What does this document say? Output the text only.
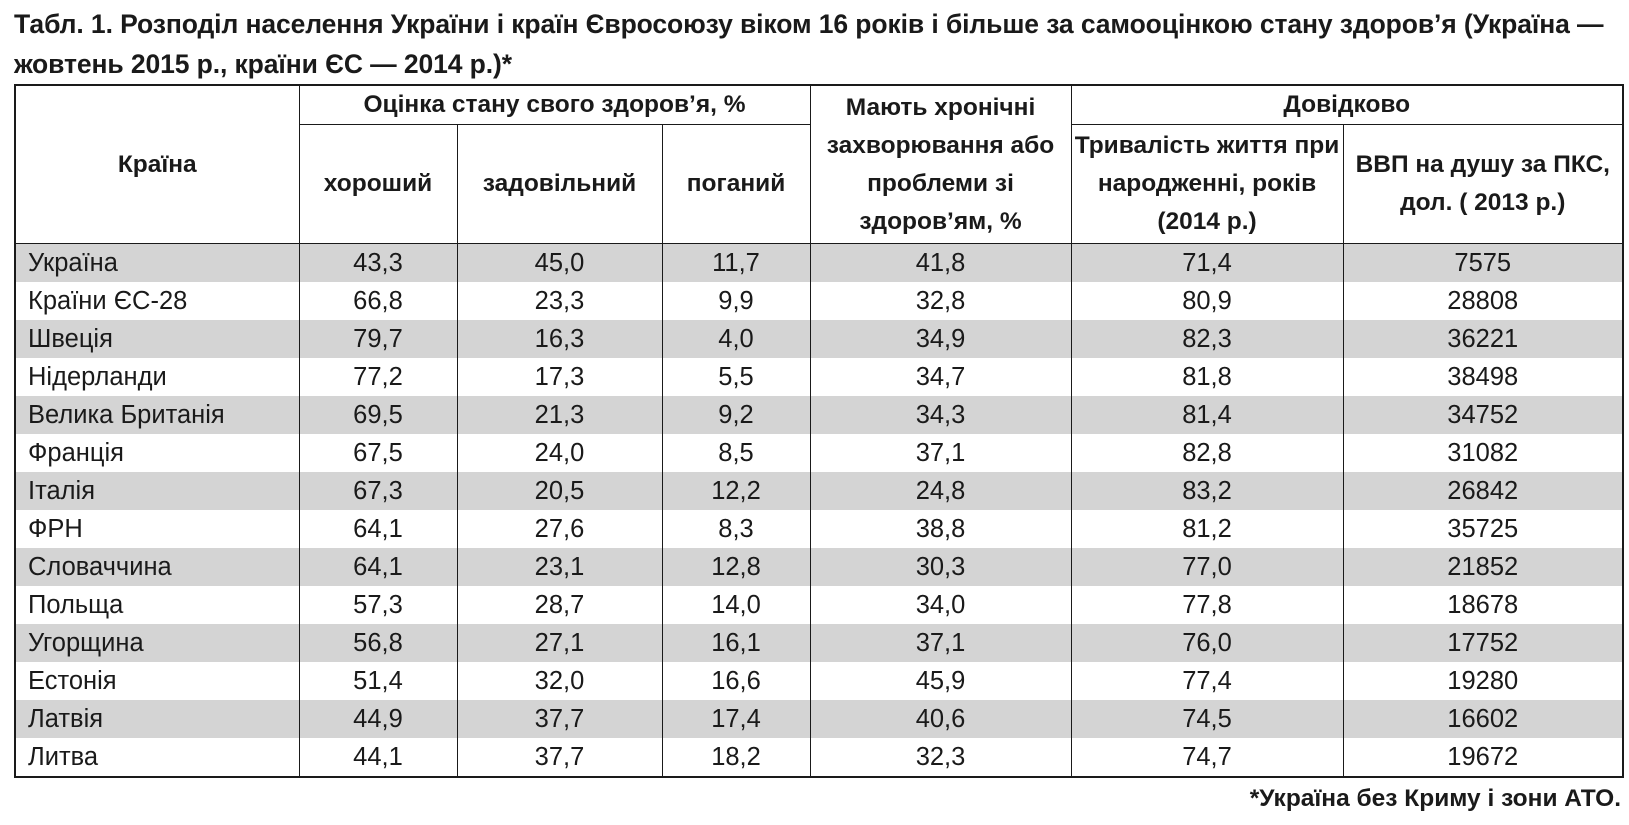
Табл. 1. Розподіл населення України і країн Євросоюзу віком 16 років і більше за самооцінкою стану здоров’я (Україна — жовтень 2015 р., країни ЄС — 2014 р.)*
Країна	Оцінка стану свого здоров’я, %			Мають хронічні захворювання або проблеми зі здоров’ям, %	Довідково	
	хороший	задовільний	поганий		Тривалість життя при народженні, років (2014 р.)	ВВП на душу за ПКС, дол. ( 2013 р.)
Україна	43,3	45,0	11,7	41,8	71,4	7575
Країни ЄС-28	66,8	23,3	9,9	32,8	80,9	28808
Швеція	79,7	16,3	4,0	34,9	82,3	36221
Нідерланди	77,2	17,3	5,5	34,7	81,8	38498
Велика Британія	69,5	21,3	9,2	34,3	81,4	34752
Франція	67,5	24,0	8,5	37,1	82,8	31082
Італія	67,3	20,5	12,2	24,8	83,2	26842
ФРН	64,1	27,6	8,3	38,8	81,2	35725
Словаччина	64,1	23,1	12,8	30,3	77,0	21852
Польща	57,3	28,7	14,0	34,0	77,8	18678
Угорщина	56,8	27,1	16,1	37,1	76,0	17752
Естонія	51,4	32,0	16,6	45,9	77,4	19280
Латвія	44,9	37,7	17,4	40,6	74,5	16602
Литва	44,1	37,7	18,2	32,3	74,7	19672
*Україна без Криму і зони АТО.
